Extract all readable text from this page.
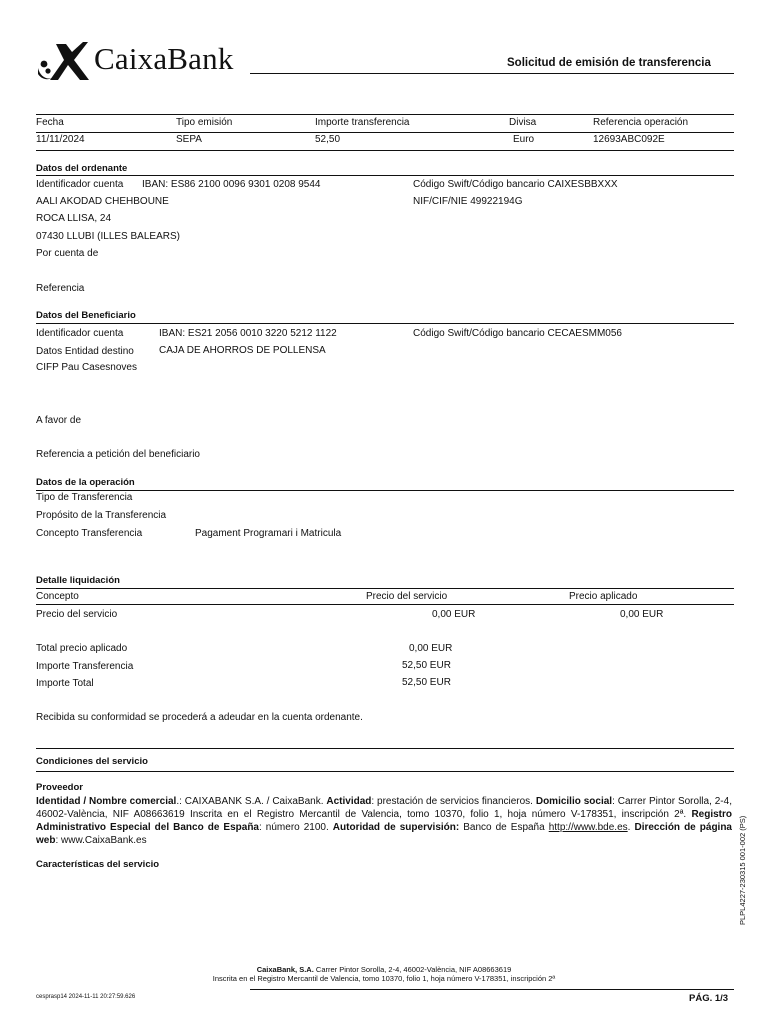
CaixaBank	Solicitud de emisión de transferencia
Fecha	Tipo emisión	Importe transferencia	Divisa	Referencia operación
11/11/2024	SEPA	52,50	Euro	12693ABC092E
Datos del ordenante
Identificador cuenta IBAN: ES86 2100 0096 9301 0208 9544	Código Swift/Código bancario CAIXESBBXXX
AALI AKODAD CHEHBOUNE	NIF/CIF/NIE 49922194G
ROCA LLISA, 24
07430 LLUBI (ILLES BALEARS)
Por cuenta de
Referencia
Datos del Beneficiario
Identificador cuenta	IBAN: ES21 2056 0010 3220 5212 1122	Código Swift/Código bancario CECAESMM056
Datos Entidad destino	CAJA DE AHORROS DE POLLENSA
CIFP Pau Casesnoves
A favor de
Referencia a petición del beneficiario
Datos de la operación
Tipo de Transferencia
Propósito de la Transferencia
Concepto Transferencia	Pagament Programari i Matricula
Detalle liquidación
Concepto	Precio del servicio	Precio aplicado
Precio del servicio	0,00 EUR	0,00 EUR
Total precio aplicado	0,00 EUR
Importe Transferencia	52,50 EUR
Importe Total	52,50 EUR
Recibida su conformidad se procederá a adeudar en la cuenta ordenante.
Condiciones del servicio
Proveedor
Identidad / Nombre comercial.: CAIXABANK S.A. / CaixaBank. Actividad: prestación de servicios financieros. Domicilio social: Carrer Pintor Sorolla, 2-4, 46002-València, NIF A08663619 Inscrita en el Registro Mercantil de Valencia, tomo 10370, folio 1, hoja número V-178351, inscripción 2ª. Registro Administrativo Especial del Banco de España: número 2100. Autoridad de supervisión: Banco de España http://www.bde.es. Dirección de página web: www.CaixaBank.es
Características del servicio	PLPL4227-230315 001-002 (PS)
CaixaBank, S.A. Carrer Pintor Sorolla, 2-4, 46002-València, NIF A08663619
Inscrita en el Registro Mercantil de Valencia, tomo 10370, folio 1, hoja número V-178351, inscripción 2ª
cesprasp14 2024-11-11 20:27:59.626	PÁG. 1/3
